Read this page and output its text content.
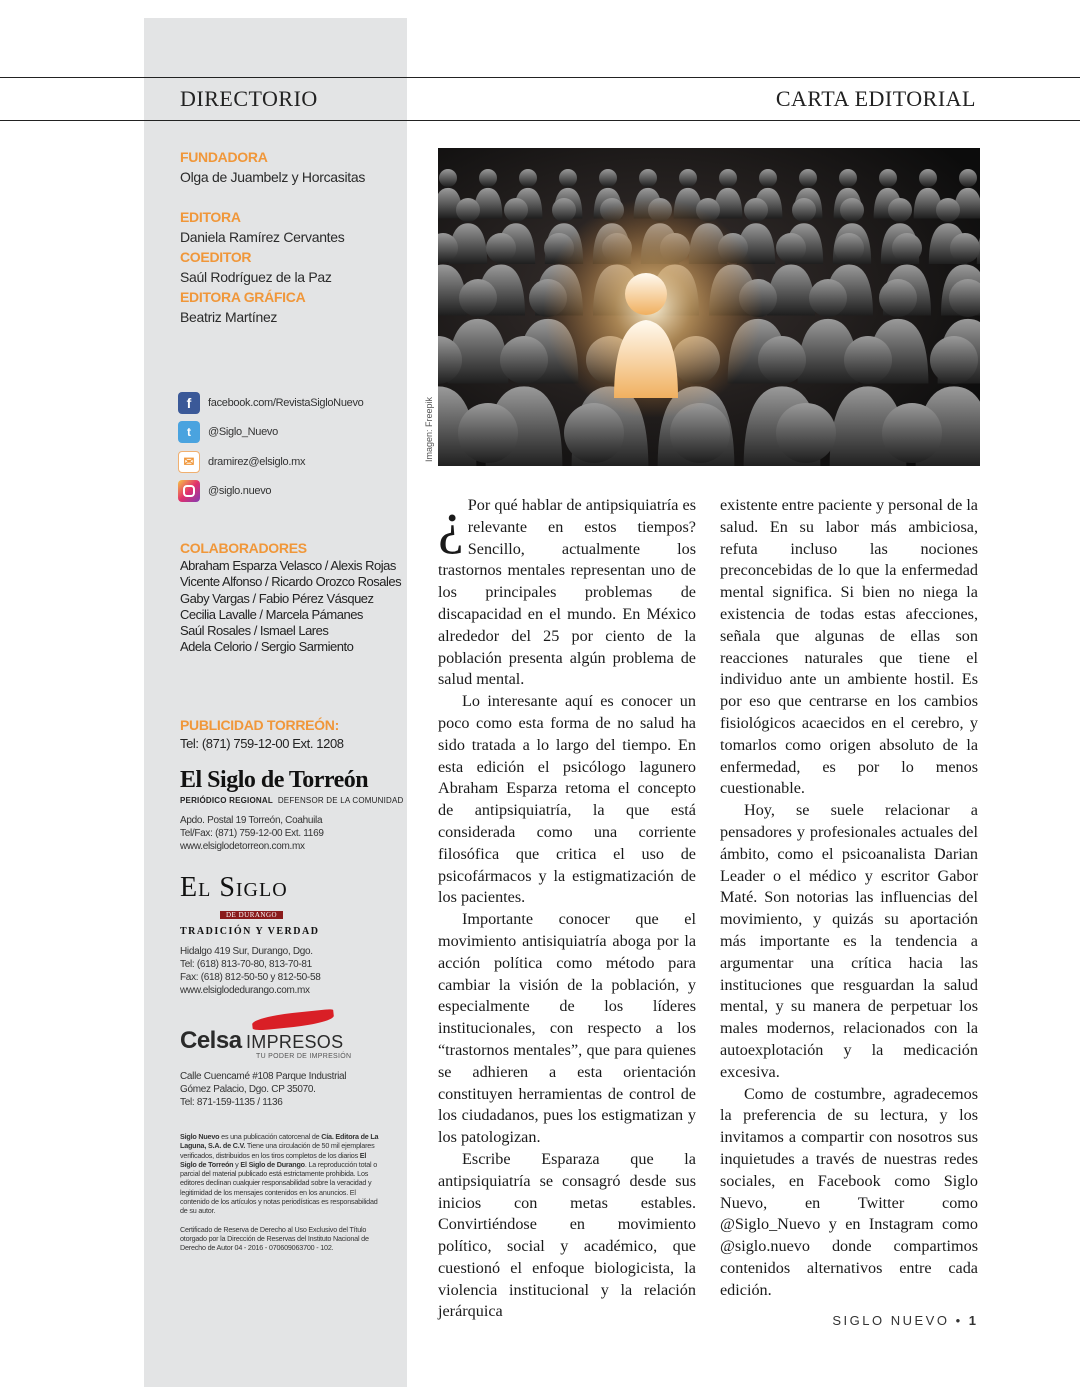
DIRECTORIO	CARTA EDITORIAL
FUNDADORA
Olga de Juambelz y Horcasitas
EDITORA
Daniela Ramírez Cervantes
COEDITOR
Saúl Rodríguez de la Paz
EDITORA GRÁFICA
Beatriz Martínez
f	facebook.com/RevistaSigloNuevo
t	@Siglo_Nuevo
✉	dramirez@elsiglo.mx
@siglo.nuevo
COLABORADORES
Abraham Esparza Velasco / Alexis Rojas
Vicente Alfonso / Ricardo Orozco Rosales
Gaby Vargas / Fabio Pérez Vásquez
Cecilia Lavalle / Marcela Pámanes
Saúl Rosales / Ismael Lares
Adela Celorio / Sergio Sarmiento
PUBLICIDAD TORREÓN:
Tel: (871) 759-12-00 Ext. 1208
El Siglo de Torreón
PERIÓDICO REGIONAL DEFENSOR DE LA COMUNIDAD
Apdo. Postal 19 Torreón, Coahuila
Tel/Fax: (871) 759-12-00 Ext. 1169
www.elsiglodetorreon.com.mx
El Siglo
DE DURANGO
TRADICIÓN Y VERDAD
Hidalgo 419 Sur, Durango, Dgo.
Tel: (618) 813-70-80, 813-70-81
Fax: (618) 812-50-50 y 812-50-58
www.elsiglodedurango.com.mx
Celsa IMPRESOS
TU PODER DE IMPRESIÓN
Calle Cuencamé #108 Parque Industrial
Gómez Palacio, Dgo. CP 35070.
Tel: 871-159-1135 / 1136

Siglo Nuevo es una publicación catorcenal de Cía. Editora de La Laguna, S.A. de C.V. Tiene una circulación de 50 mil ejemplares verificados, distribuidos en los tiros completos de los diarios El Siglo de Torreón y El Siglo de Durango. La reproducción total o parcial del material publicado está estrictamente prohibida. Los editores declinan cualquier responsabilidad sobre la veracidad y legitimidad de los mensajes contenidos en los anuncios. El contenido de los artículos y notas periodísticas es responsabilidad de su autor.

Certificado de Reserva de Derecho al Uso Exclusivo del Título otorgado por la Dirección de Reservas del Instituto Nacional de Derecho de Autor 04 - 2016 - 070609063700 - 102.

Imagen: Freepik

¿ Por qué hablar de antipsiquiatría es relevante en estos tiempos? Sencillo, actualmente los trastornos mentales representan uno de los principales problemas de discapacidad en el mundo. En México alrededor del 25 por ciento de la población presenta algún problema de salud mental.

Lo interesante aquí es conocer un poco como esta forma de no salud ha sido tratada a lo largo del tiempo. En esta edición el psicólogo lagunero Abraham Esparza retoma el concepto de antipsiquiatría, la que está considerada como una corriente filosófica que critica el uso de psicofármacos y la estigmatización de los pacientes.

Importante conocer que el movimiento antisiquiatría aboga por la acción política como método para cambiar la visión de la población, y especialmente de los líderes institucionales, con respecto a los “trastornos mentales”, que para quienes se adhieren a esta orientación constituyen herramientas de control de los ciudadanos, pues los estigmatizan y los patologizan.

Escribe Esparaza que la antipsiquiatría se consagró desde sus inicios con metas estables. Convirtiéndose en movimiento político, social y académico, que cuestionó el enfoque biologicista, la violencia institucional y la relación jerárquica

existente entre paciente y personal de la salud. En su labor más ambiciosa, refuta incluso las nociones preconcebidas de lo que la enfermedad mental significa. Si bien no niega la existencia de todas estas afecciones, señala que algunas de ellas son reacciones naturales que tiene el individuo ante un ambiente hostil. Es por eso que centrarse en los cambios fisiológicos acaecidos en el cerebro, y tomarlos como origen absoluto de la enfermedad, es por lo menos cuestionable.

Hoy, se suele relacionar a pensadores y profesionales actuales del ámbito, como el psicoanalista Darian Leader o el médico y escritor Gabor Maté. Son notorias las influencias del movimiento, y quizás su aportación más importante es la tendencia a argumentar una crítica hacia las instituciones que resguardan la salud mental, y su manera de perpetuar los males modernos, relacionados con la autoexplotación y la medicación excesiva.

Como de costumbre, agradecemos la preferencia de su lectura, y los invitamos a compartir con nosotros sus inquietudes a través de nuestras redes sociales, en Facebook como Siglo Nuevo, en Twitter como @Siglo_Nuevo y en Instagram como @siglo.nuevo donde compartimos contenidos alternativos entre cada edición.

SIGLO NUEVO • 1
